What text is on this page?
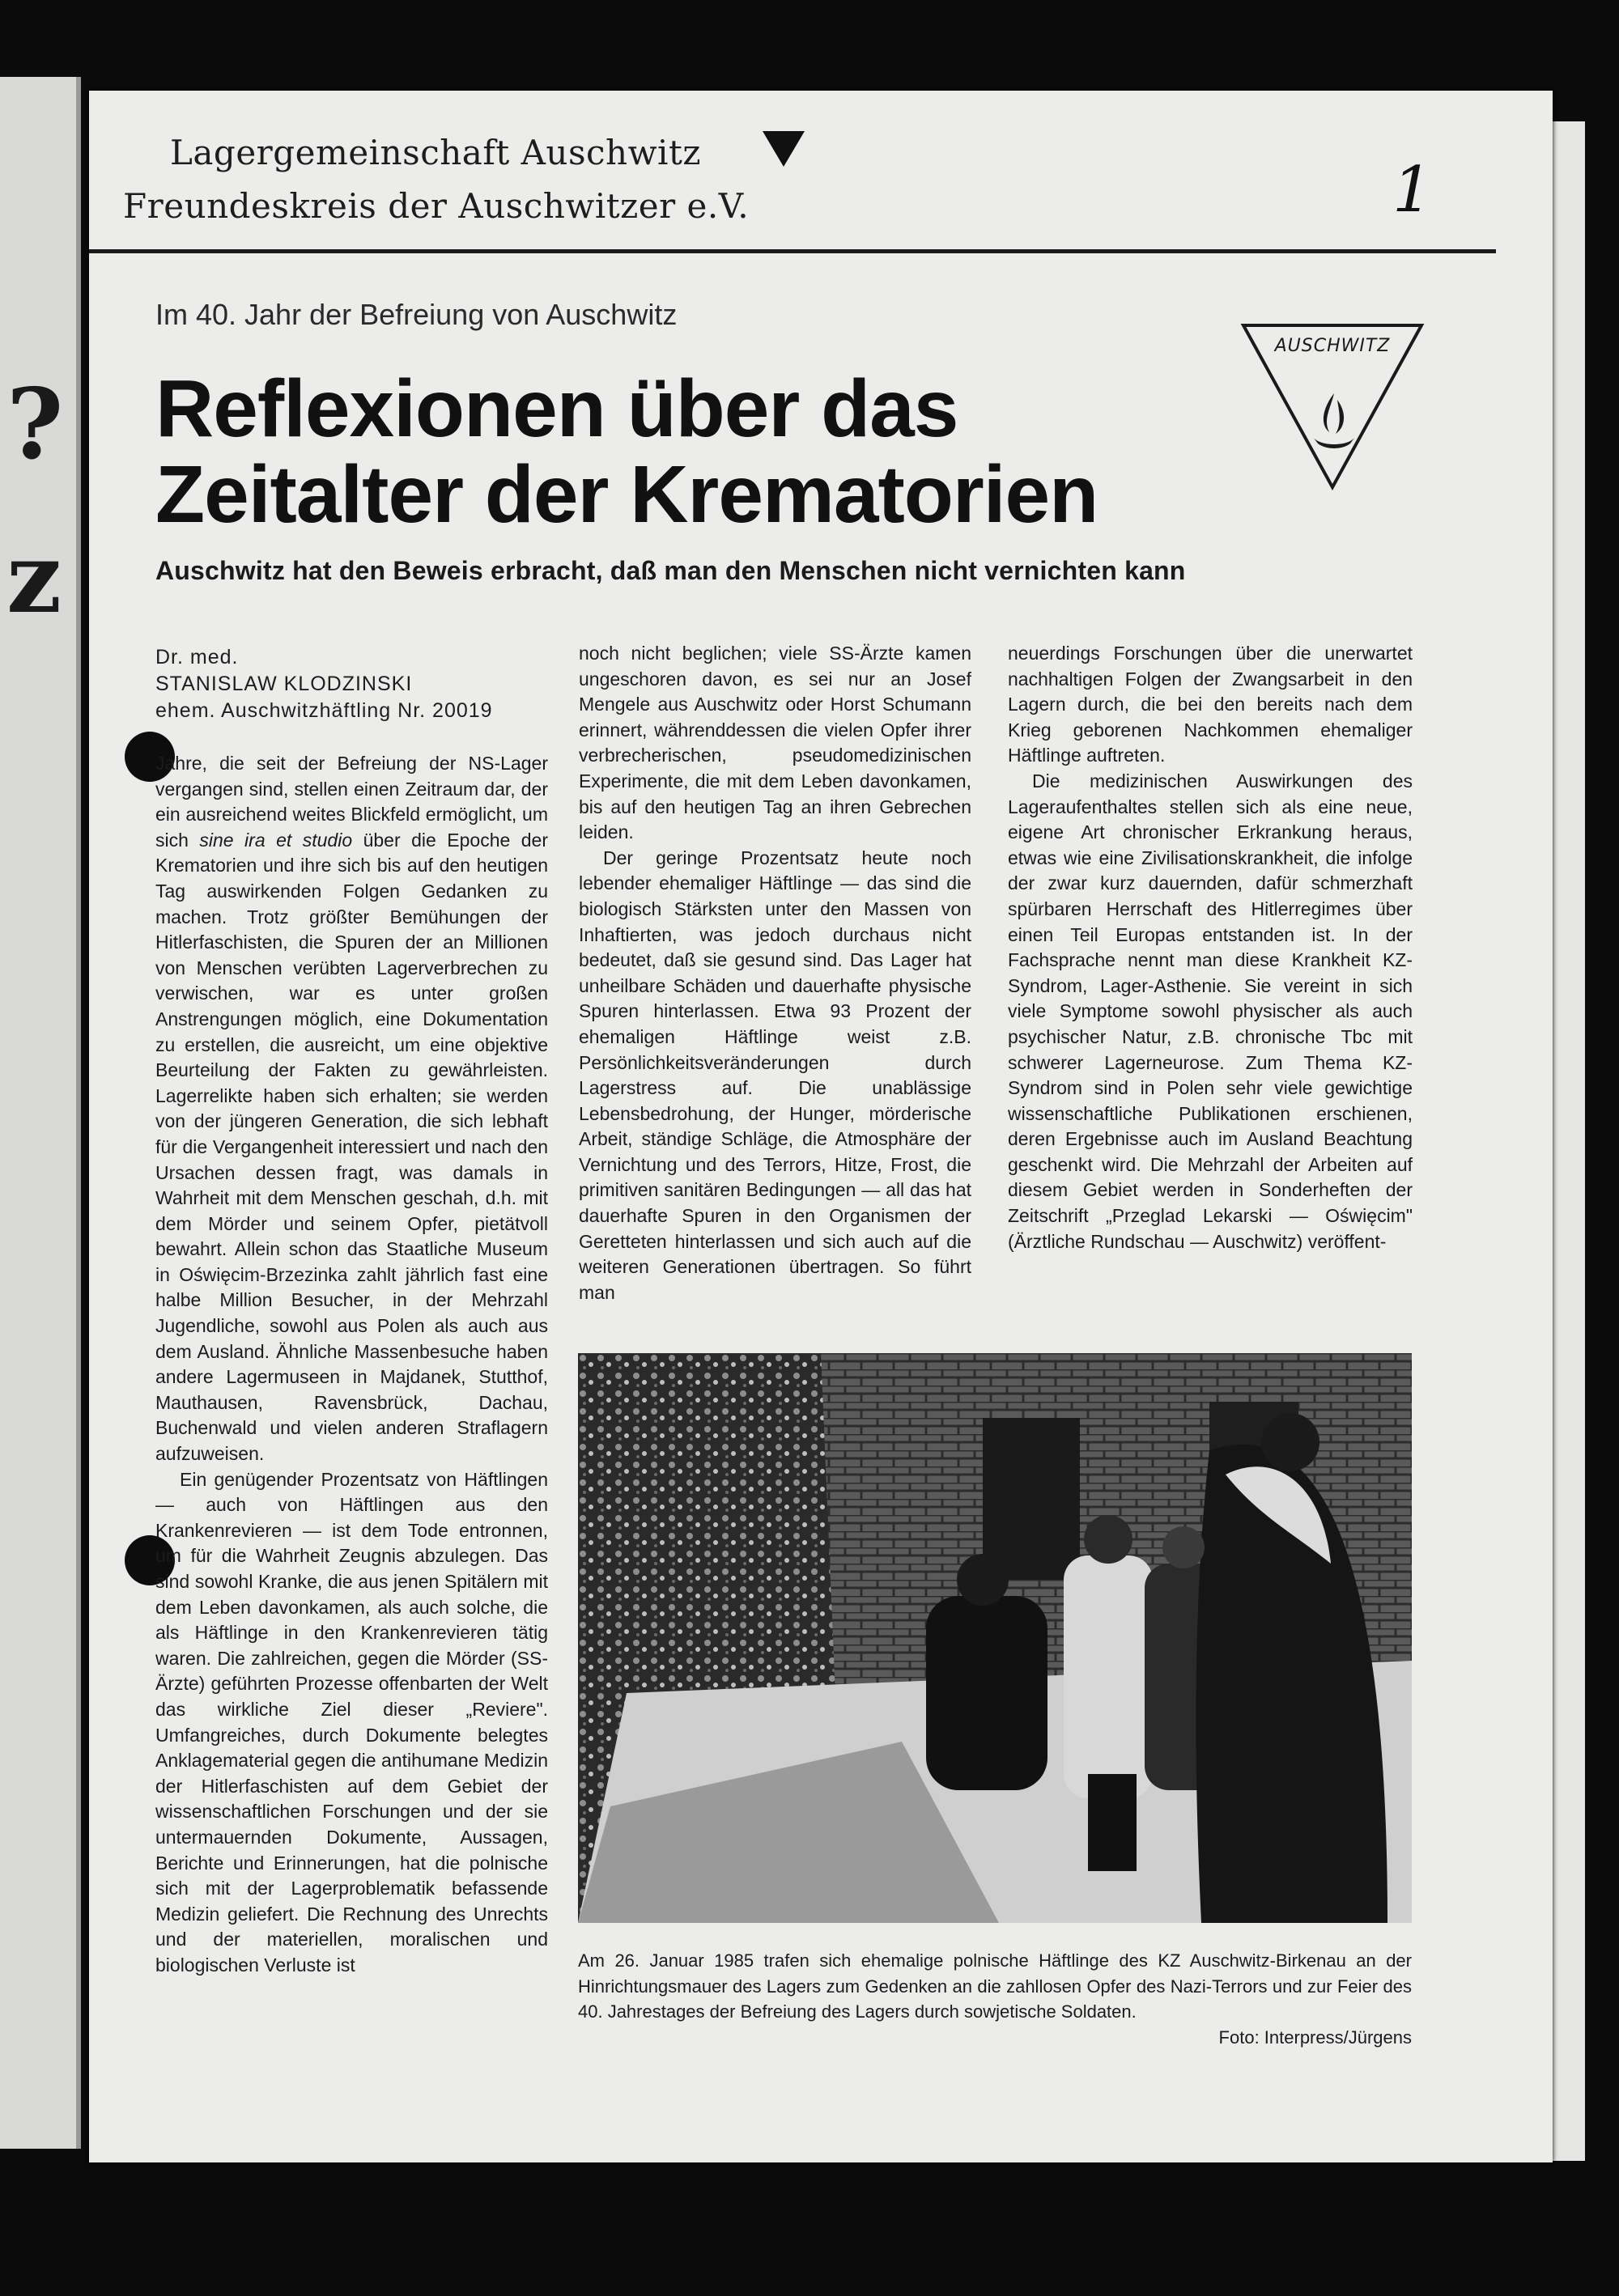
?
z
Lagergemeinschaft Auschwitz
Freundeskreis der Auschwitzer e.V.	1
Im 40. Jahr der Befreiung von Auschwitz
Reflexionen über das
Zeitalter der Krematorien
AUSCHWITZ
Auschwitz hat den Beweis erbracht, daß man den Menschen nicht vernichten kann
Dr. med.
STANISLAW KLODZINSKI
ehem. Auschwitzhäftling Nr. 20019

Jahre, die seit der Befreiung der NS-Lager vergangen sind, stellen einen Zeitraum dar, der ein ausreichend weites Blickfeld ermöglicht, um sich sine ira et studio über die Epoche der Krematorien und ihre sich bis auf den heutigen Tag auswirkenden Folgen Gedanken zu machen. Trotz größter Bemühungen der Hitlerfaschisten, die Spuren der an Millionen von Menschen verübten Lagerverbrechen zu verwischen, war es unter großen Anstrengungen möglich, eine Dokumentation zu erstellen, die ausreicht, um eine objektive Beurteilung der Fakten zu gewährleisten. Lagerrelikte haben sich erhalten; sie werden von der jüngeren Generation, die sich lebhaft für die Vergangenheit interessiert und nach den Ursachen dessen fragt, was damals in Wahrheit mit dem Menschen geschah, d.h. mit dem Mörder und seinem Opfer, pietätvoll bewahrt. Allein schon das Staatliche Museum in Oświęcim-Brzezinka zahlt jährlich fast eine halbe Million Besucher, in der Mehrzahl Jugendliche, sowohl aus Polen als auch aus dem Ausland. Ähnliche Massenbesuche haben andere Lagermuseen in Majdanek, Stutthof, Mauthausen, Ravensbrück, Dachau, Buchenwald und vielen anderen Straflagern aufzuweisen.

Ein genügender Prozentsatz von Häftlingen — auch von Häftlingen aus den Krankenrevieren — ist dem Tode entronnen, um für die Wahrheit Zeugnis abzulegen. Das sind sowohl Kranke, die aus jenen Spitälern mit dem Leben davonkamen, als auch solche, die als Häftlinge in den Krankenrevieren tätig waren. Die zahlreichen, gegen die Mörder (SS-Ärzte) geführten Prozesse offenbarten der Welt das wirkliche Ziel dieser „Reviere". Umfangreiches, durch Dokumente belegtes Anklagematerial gegen die antihumane Medizin der Hitlerfaschisten auf dem Gebiet der wissenschaftlichen Forschungen und der sie untermauernden Dokumente, Aussagen, Berichte und Erinnerungen, hat die polnische sich mit der Lagerproblematik befassende Medizin geliefert. Die Rechnung des Unrechts und der materiellen, moralischen und biologischen Verluste ist

noch nicht beglichen; viele SS-Ärzte kamen ungeschoren davon, es sei nur an Josef Mengele aus Auschwitz oder Horst Schumann erinnert, währenddessen die vielen Opfer ihrer verbrecherischen, pseudomedizinischen Experimente, die mit dem Leben davonkamen, bis auf den heutigen Tag an ihren Gebrechen leiden.

Der geringe Prozentsatz heute noch lebender ehemaliger Häftlinge — das sind die biologisch Stärksten unter den Massen von Inhaftierten, was jedoch durchaus nicht bedeutet, daß sie gesund sind. Das Lager hat unheilbare Schäden und dauerhafte physische Spuren hinterlassen. Etwa 93 Prozent der ehemaligen Häftlinge weist z.B. Persönlichkeitsveränderungen durch Lagerstress auf. Die unablässige Lebensbedrohung, der Hunger, mörderische Arbeit, ständige Schläge, die Atmosphäre der Vernichtung und des Terrors, Hitze, Frost, die primitiven sanitären Bedingungen — all das hat dauerhafte Spuren in den Organismen der Geretteten hinterlassen und sich auch auf die weiteren Generationen übertragen. So führt man

neuerdings Forschungen über die unerwartet nachhaltigen Folgen der Zwangsarbeit in den Lagern durch, die bei den bereits nach dem Krieg geborenen Nachkommen ehemaliger Häftlinge auftreten.

Die medizinischen Auswirkungen des Lageraufenthaltes stellen sich als eine neue, eigene Art chronischer Erkrankung heraus, etwas wie eine Zivilisationskrankheit, die infolge der zwar kurz dauernden, dafür schmerzhaft spürbaren Herrschaft des Hitlerregimes über einen Teil Europas entstanden ist. In der Fachsprache nennt man diese Krankheit KZ-Syndrom, Lager-Asthenie. Sie vereint in sich viele Symptome sowohl physischer als auch psychischer Natur, z.B. chronische Tbc mit schwerer Lagerneurose. Zum Thema KZ-Syndrom sind in Polen sehr viele gewichtige wissenschaftliche Publikationen erschienen, deren Ergebnisse auch im Ausland Beachtung geschenkt wird. Die Mehrzahl der Arbeiten auf diesem Gebiet werden in Sonderheften der Zeitschrift „Przeglad Lekarski — Oświęcim" (Ärztliche Rundschau — Auschwitz) veröffent-

Am 26. Januar 1985 trafen sich ehemalige polnische Häftlinge des KZ Auschwitz-Birkenau an der Hinrichtungsmauer des Lagers zum Gedenken an die zahllosen Opfer des Nazi-Terrors und zur Feier des 40. Jahrestages der Befreiung des Lagers durch sowjetische Soldaten.
Foto: Interpress/Jürgens
